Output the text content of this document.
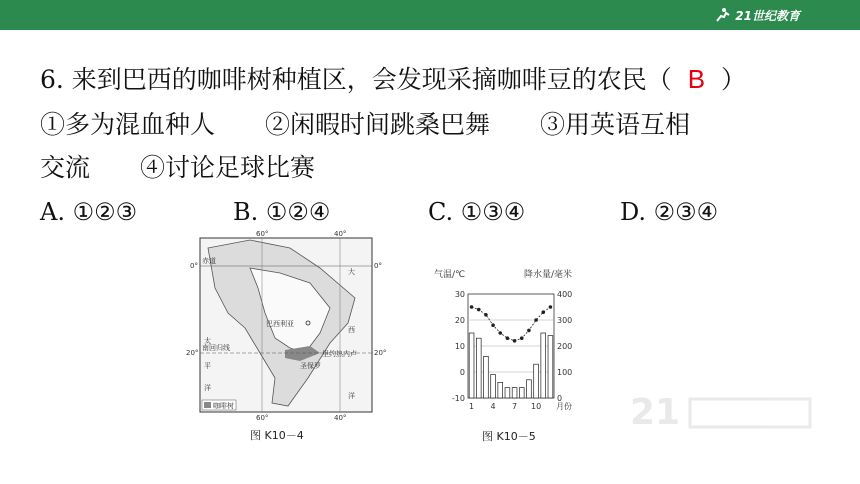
21世纪教育
6. 来到巴西的咖啡树种植区，会发现采摘咖啡豆的农民（ B ）
①多为混血种人　　②闲暇时间跳桑巴舞　　③用英语互相
交流　　④讨论足球比赛
A. ①②③	B. ①②④	C. ①③④	D. ②③④
巴西利亚
里约热内卢
圣保罗
赤道
南回归线
60°	40°
60°	40°
0°
20°
0°
20°
大
西
洋
太
平
洋
咖啡树
图 K10－4
气温/℃	降水量/毫米
30
20
10
0
-10
400
300
200
100
0
1 4 7 10 月份
图 K10－5
21
